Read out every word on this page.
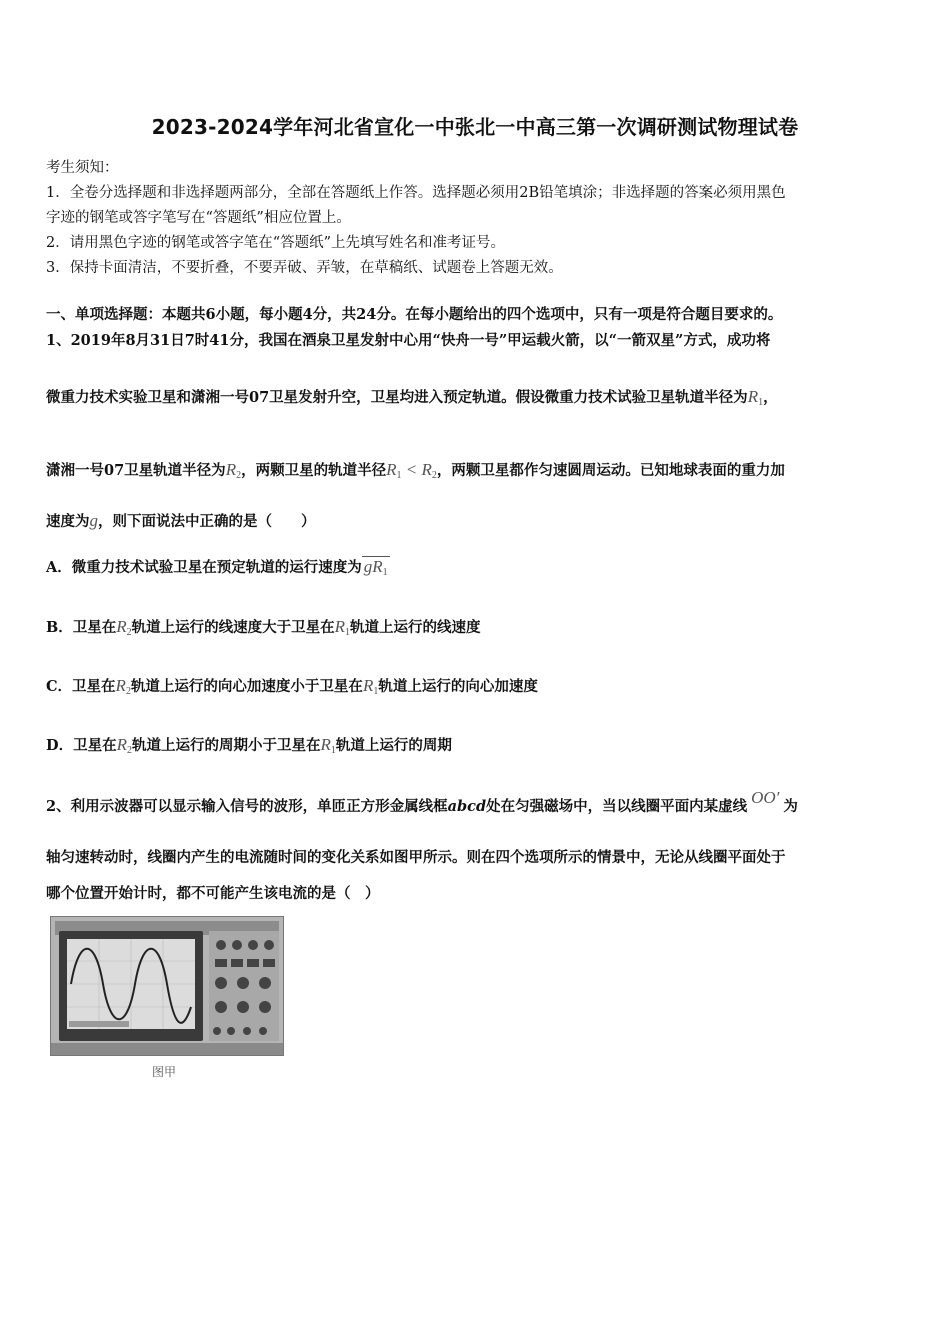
2023-2024学年河北省宣化一中张北一中高三第一次调研测试物理试卷
考生须知：
1．全卷分选择题和非选择题两部分，全部在答题纸上作答。选择题必须用2B铅笔填涂；非选择题的答案必须用黑色
字迹的钢笔或答字笔写在“答题纸”相应位置上。
2．请用黑色字迹的钢笔或答字笔在“答题纸”上先填写姓名和准考证号。
3．保持卡面清洁，不要折叠，不要弄破、弄皱，在草稿纸、试题卷上答题无效。
一、单项选择题：本题共6小题，每小题4分，共24分。在每小题给出的四个选项中，只有一项是符合题目要求的。
1、2019年8月31日7时41分，我国在酒泉卫星发射中心用“快舟一号”甲运载火箭，以“一箭双星”方式，成功将
微重力技术实验卫星和潇湘一号07卫星发射升空，卫星均进入预定轨道。假设微重力技术试验卫星轨道半径为$R_1$，
潇湘一号07卫星轨道半径为$R_2$，两颗卫星的轨道半径$R_1 < R_2$，两颗卫星都作匀速圆周运动。已知地球表面的重力加
速度为g，则下面说法中正确的是（　　）
A．微重力技术试验卫星在预定轨道的运行速度为 $gR_1$
B．卫星在$R_2$轨道上运行的线速度大于卫星在$R_1$轨道上运行的线速度
C．卫星在$R_2$轨道上运行的向心加速度小于卫星在$R_1$轨道上运行的向心加速度
D．卫星在$R_2$轨道上运行的周期小于卫星在$R_1$轨道上运行的周期
2、利用示波器可以显示输入信号的波形，单匝正方形金属线框abcd处在匀强磁场中，当以线圈平面内某虚线 OO′ 为
轴匀速转动时，线圈内产生的电流随时间的变化关系如图甲所示。则在四个选项所示的情景中，无论从线圈平面处于
哪个位置开始计时，都不可能产生该电流的是（　）
图甲
